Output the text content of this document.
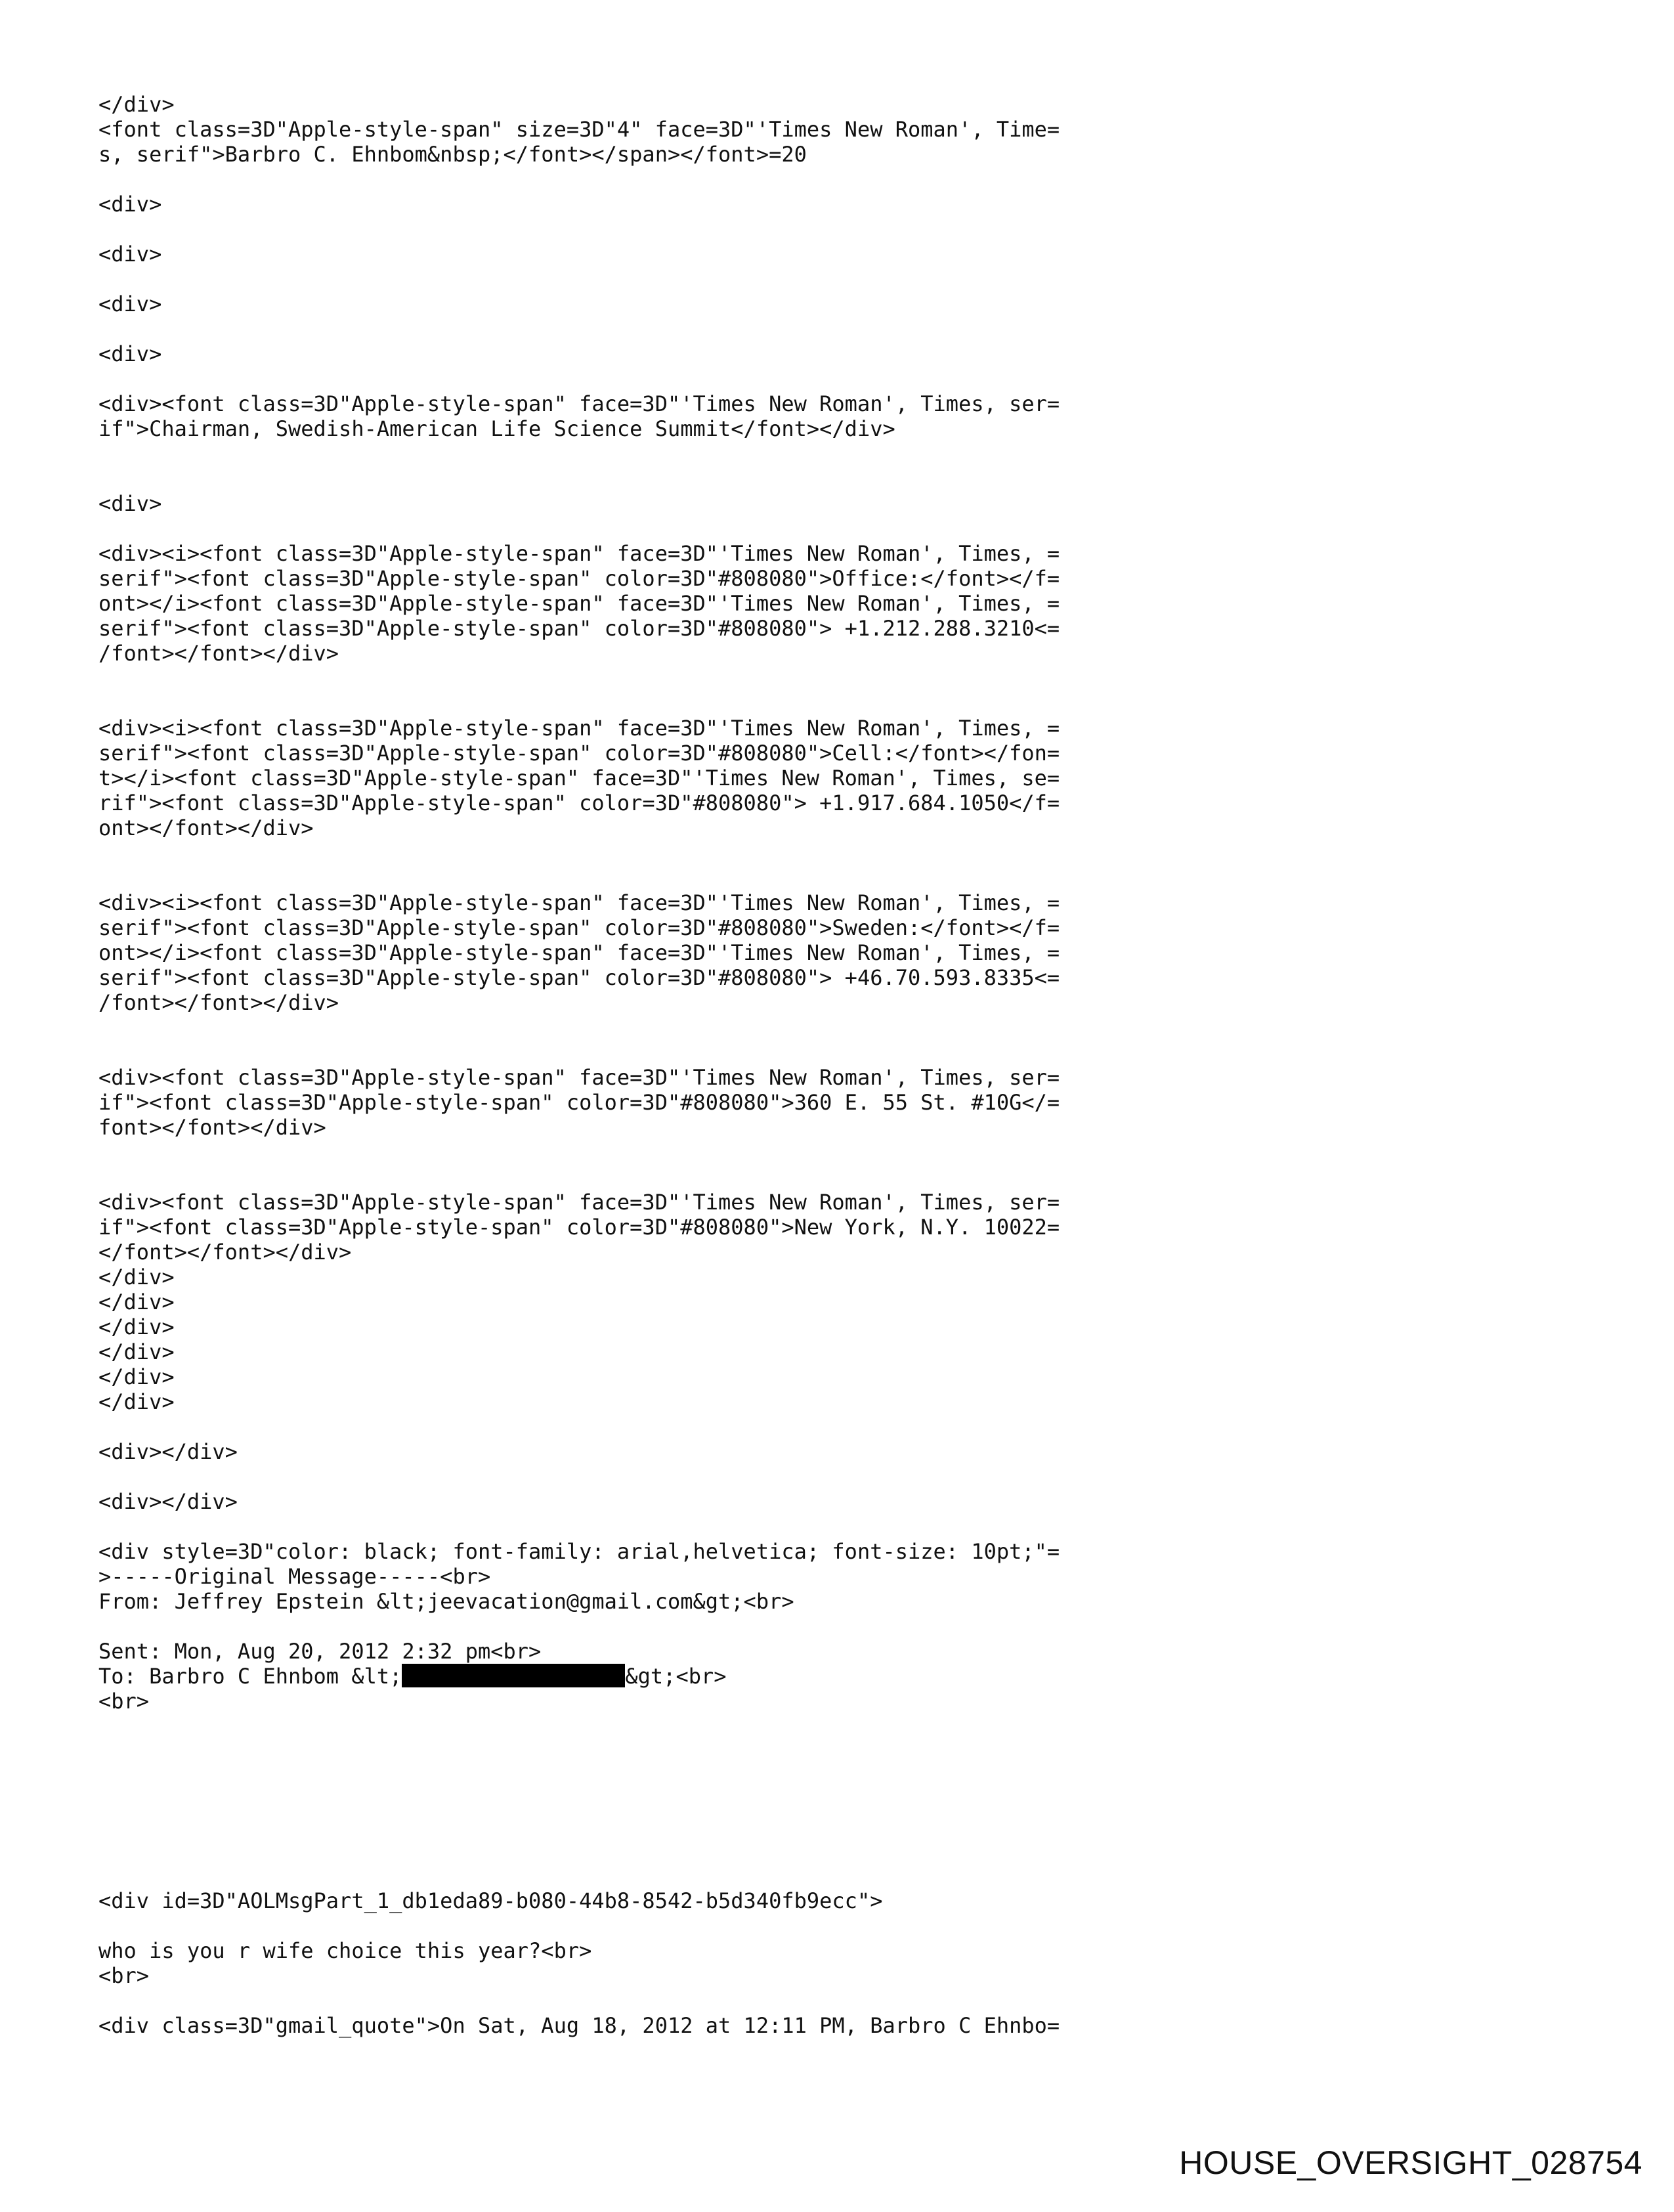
</div>
<font class=3D"Apple-style-span" size=3D"4" face=3D"'Times New Roman', Time=
s, serif">Barbro C. Ehnbom&nbsp;</font></span></font>=20
<div>
<div>
<div>
<div>
<div><font class=3D"Apple-style-span" face=3D"'Times New Roman', Times, ser=
if">Chairman, Swedish-American Life Science Summit</font></div>
<div>
<div><i><font class=3D"Apple-style-span" face=3D"'Times New Roman', Times, =
serif"><font class=3D"Apple-style-span" color=3D"#808080">Office:</font></f=
ont></i><font class=3D"Apple-style-span" face=3D"'Times New Roman', Times, =
serif"><font class=3D"Apple-style-span" color=3D"#808080"> +1.212.288.3210<=
/font></font></div>
<div><i><font class=3D"Apple-style-span" face=3D"'Times New Roman', Times, =
serif"><font class=3D"Apple-style-span" color=3D"#808080">Cell:</font></fon=
t></i><font class=3D"Apple-style-span" face=3D"'Times New Roman', Times, se=
rif"><font class=3D"Apple-style-span" color=3D"#808080"> +1.917.684.1050</f=
ont></font></div>
<div><i><font class=3D"Apple-style-span" face=3D"'Times New Roman', Times, =
serif"><font class=3D"Apple-style-span" color=3D"#808080">Sweden:</font></f=
ont></i><font class=3D"Apple-style-span" face=3D"'Times New Roman', Times, =
serif"><font class=3D"Apple-style-span" color=3D"#808080"> +46.70.593.8335<=
/font></font></div>
<div><font class=3D"Apple-style-span" face=3D"'Times New Roman', Times, ser=
if"><font class=3D"Apple-style-span" color=3D"#808080">360 E. 55 St. #10G</=
font></font></div>
<div><font class=3D"Apple-style-span" face=3D"'Times New Roman', Times, ser=
if"><font class=3D"Apple-style-span" color=3D"#808080">New York, N.Y. 10022=
</font></font></div>
</div>
</div>
</div>
</div>
</div>
</div>
<div></div>
<div></div>
<div style=3D"color: black; font-family: arial,helvetica; font-size: 10pt;"=
>-----Original Message-----<br>
From: Jeffrey Epstein &lt;jeevacation@gmail.com&gt;<br>
Sent: Mon, Aug 20, 2012 2:32 pm<br>
To: Barbro C Ehnbom &lt;	&gt;<br>
<br>
<div id=3D"AOLMsgPart_1_db1eda89-b080-44b8-8542-b5d340fb9ecc">
who is you r wife choice this year?<br>
<br>
<div class=3D"gmail_quote">On Sat, Aug 18, 2012 at 12:11 PM, Barbro C Ehnbo=
HOUSE_OVERSIGHT_028754
